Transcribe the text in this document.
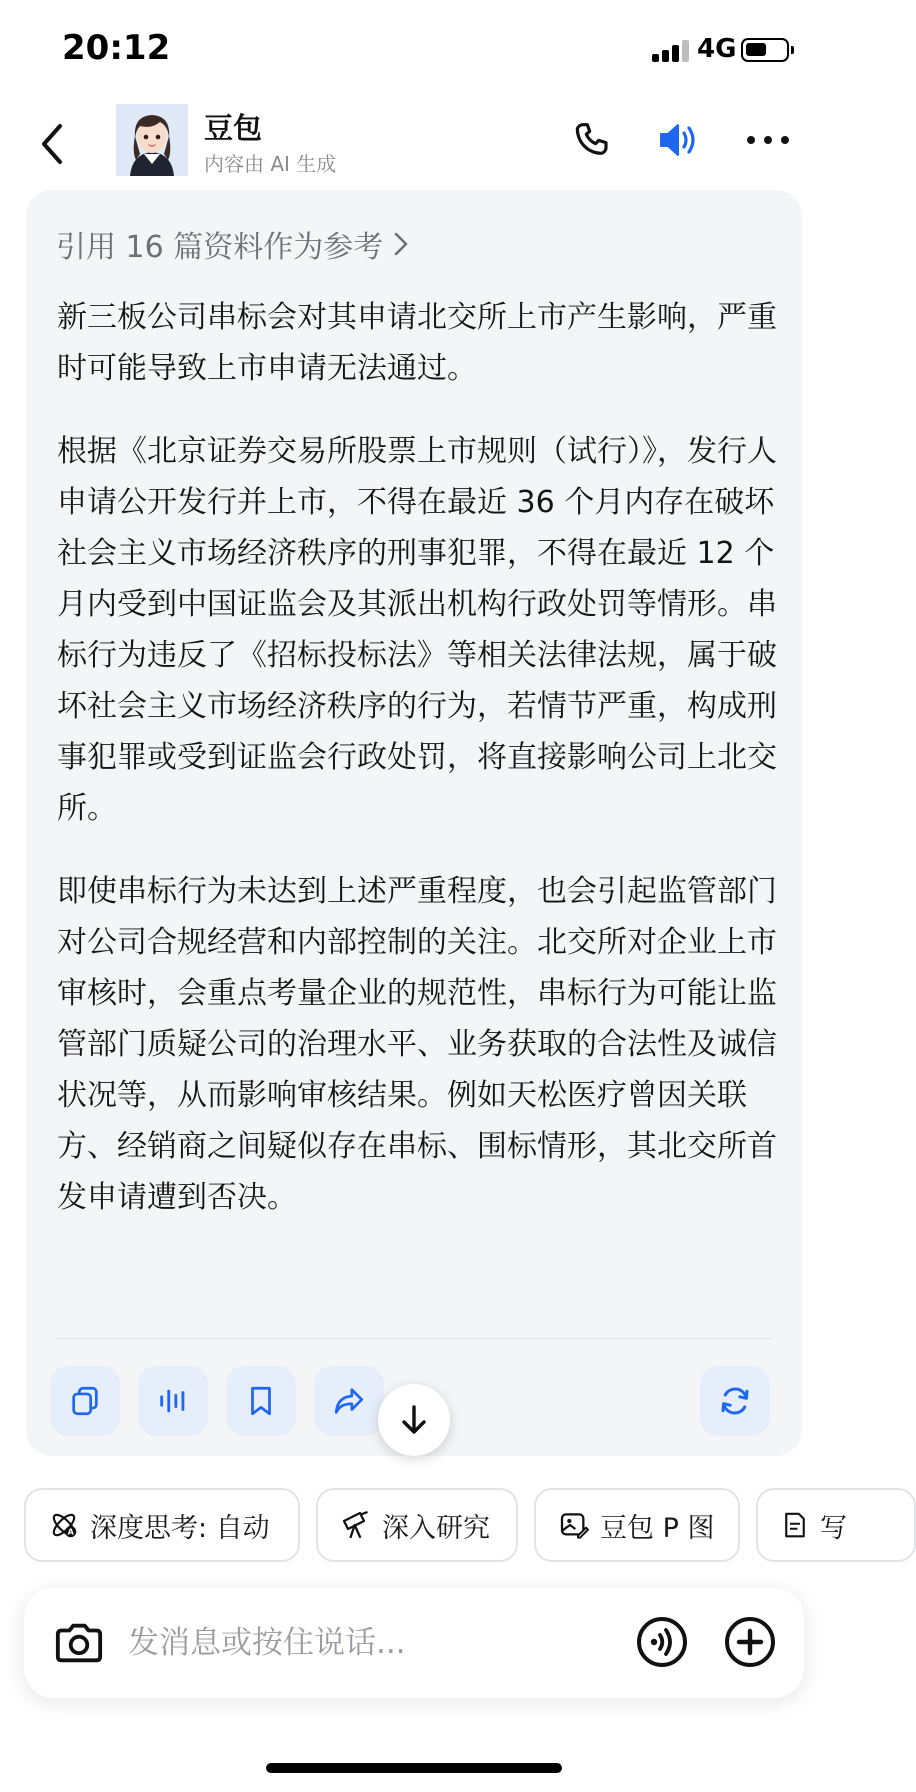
20:12	4G
豆包
内容由 AI 生成
引用 16 篇资料作为参考

新三板公司串标会对其申请北交所上市产生影响，严重时可能导致上市申请无法通过。

根据《北京证券交易所股票上市规则（试行）》，发行人申请公开发行并上市，不得在最近 36 个月内存在破坏社会主义市场经济秩序的刑事犯罪，不得在最近 12 个月内受到中国证监会及其派出机构行政处罚等情形。串标行为违反了《招标投标法》等相关法律法规，属于破坏社会主义市场经济秩序的行为，若情节严重，构成刑事犯罪或受到证监会行政处罚，将直接影响公司上北交所。

即使串标行为未达到上述严重程度，也会引起监管部门对公司合规经营和内部控制的关注。北交所对企业上市审核时，会重点考量企业的规范性，串标行为可能让监管部门质疑公司的治理水平、业务获取的合法性及诚信状况等，从而影响审核结果。例如天松医疗曾因关联方、经销商之间疑似存在串标、围标情形，其北交所首发申请遭到否决。

A 深度思考: 自动	深入研究	豆包 P 图	写
发消息或按住说话...
